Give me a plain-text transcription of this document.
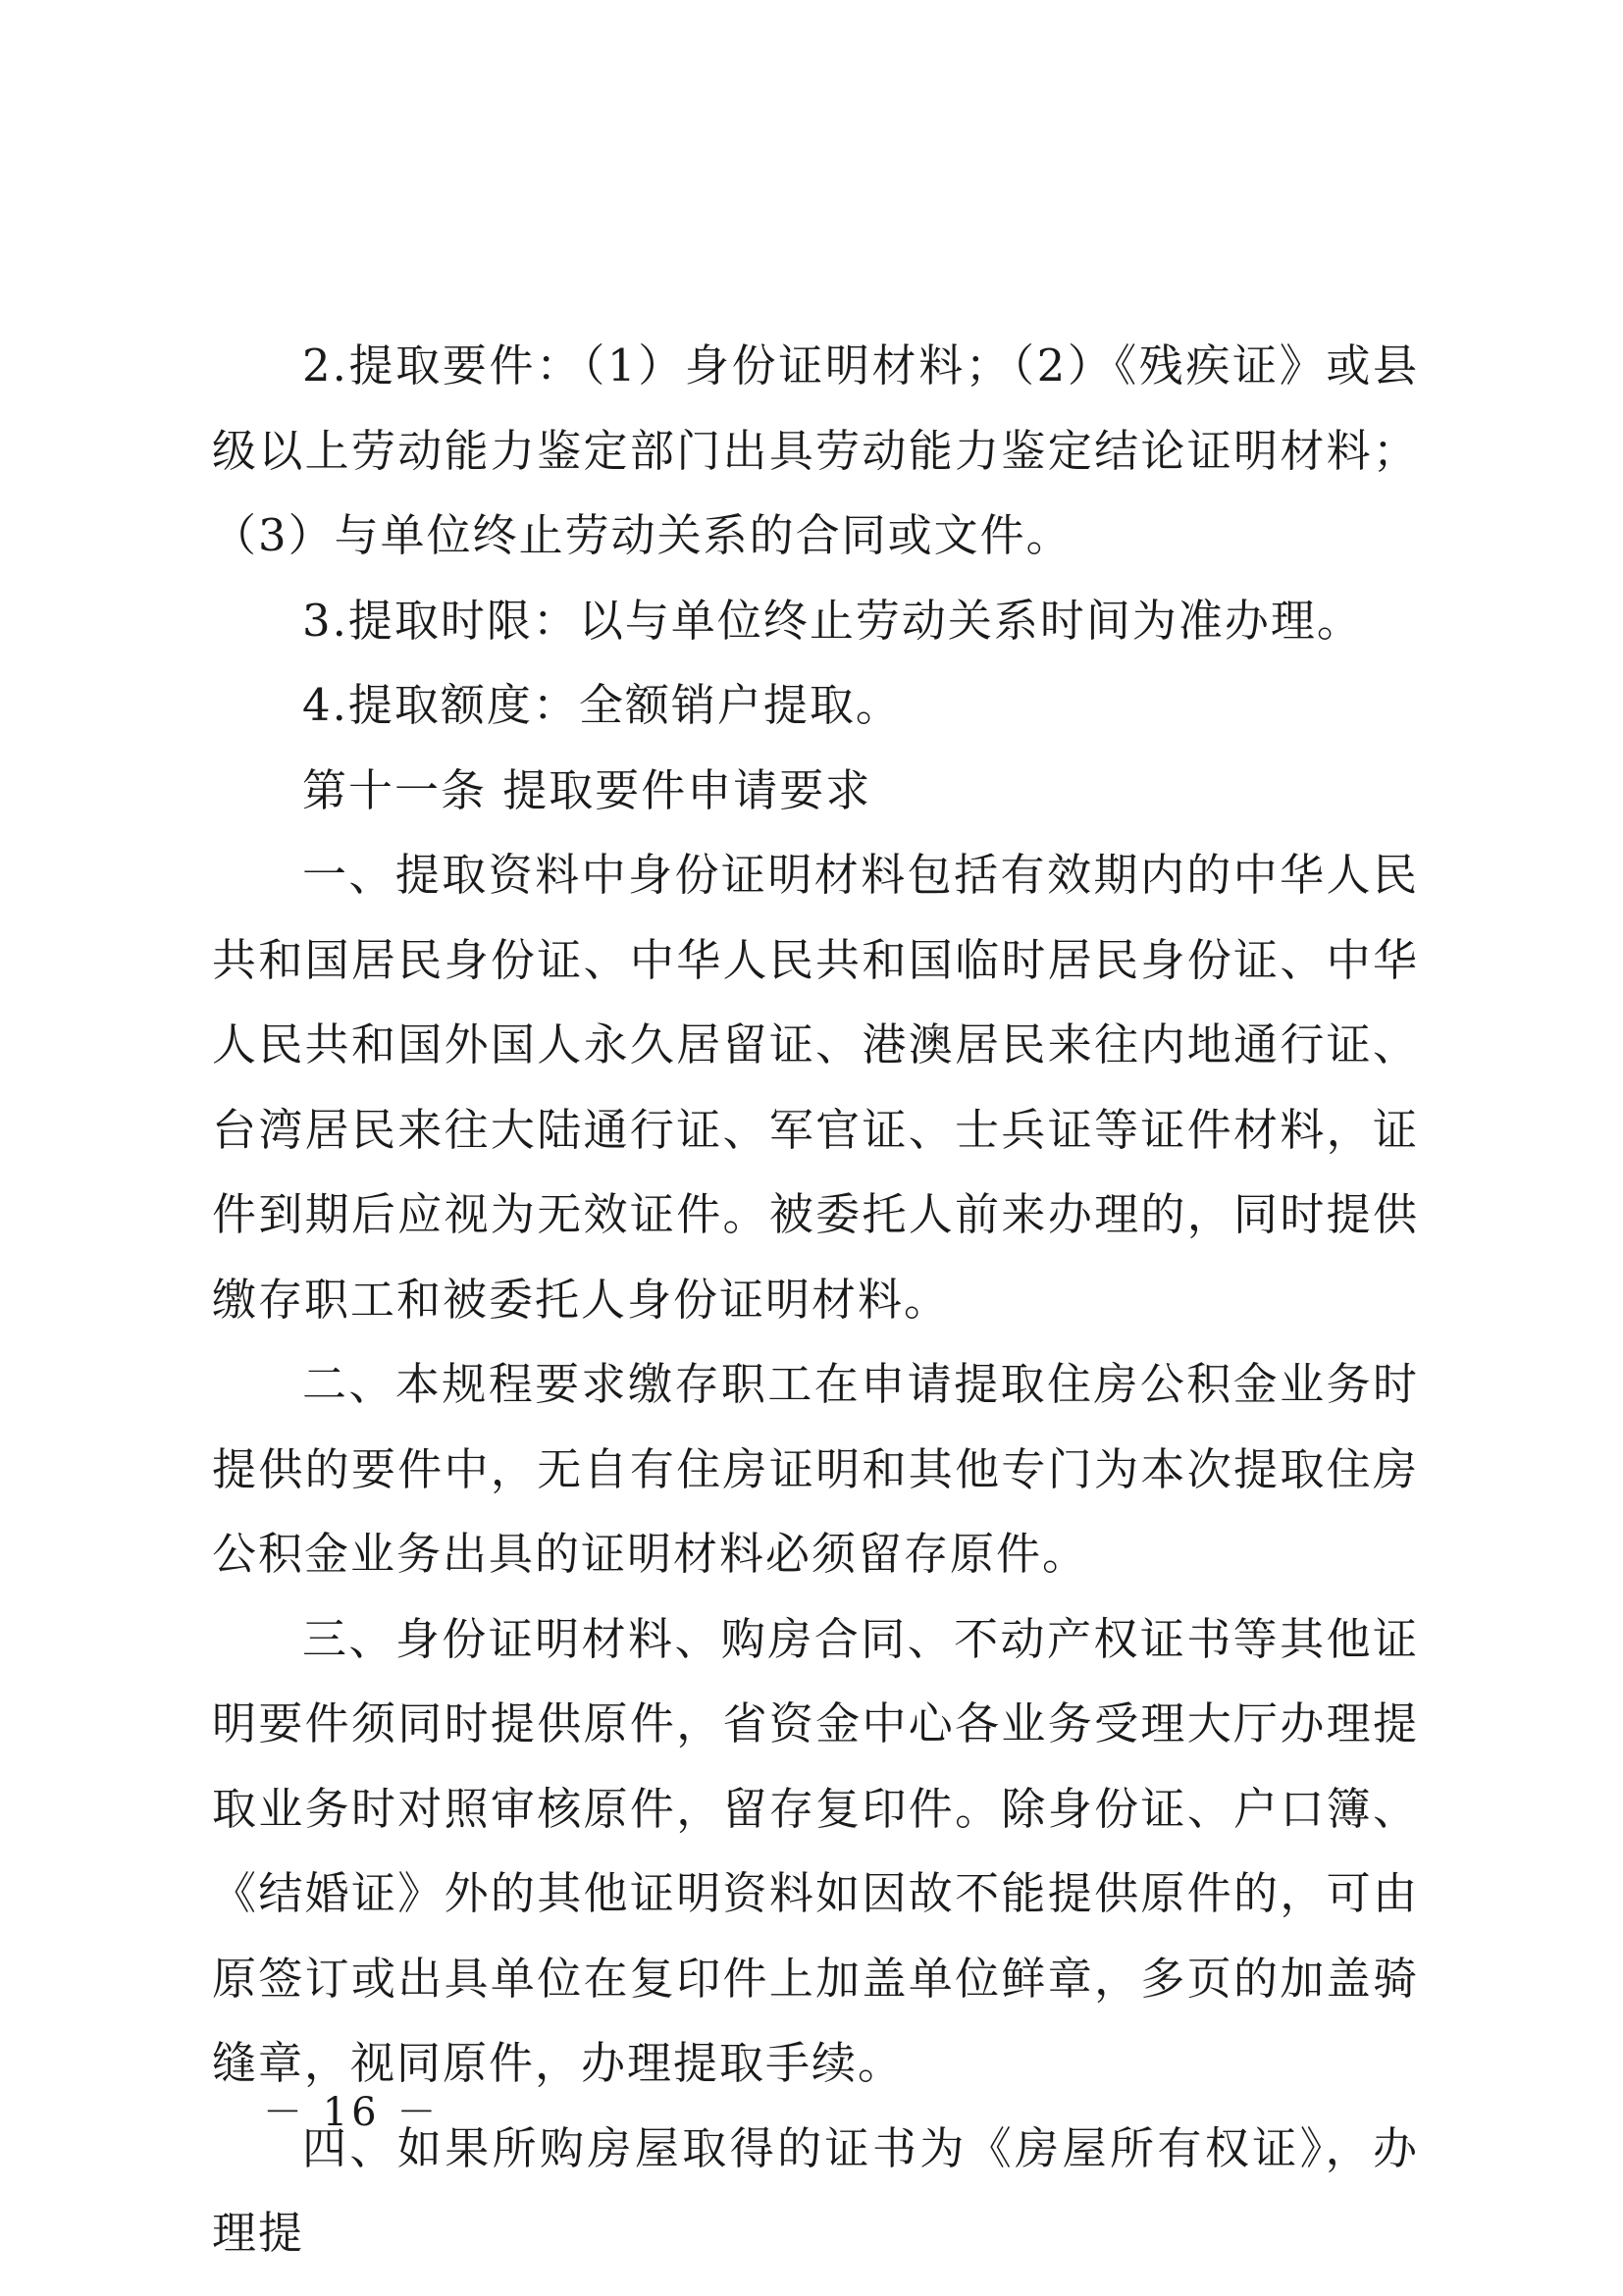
2.提取要件：（1）身份证明材料；（2）《残疾证》或县级以上劳动能力鉴定部门出具劳动能力鉴定结论证明材料；（3）与单位终止劳动关系的合同或文件。

3.提取时限：以与单位终止劳动关系时间为准办理。

4.提取额度：全额销户提取。

第十一条 提取要件申请要求

一、提取资料中身份证明材料包括有效期内的中华人民共和国居民身份证、中华人民共和国临时居民身份证、中华人民共和国外国人永久居留证、港澳居民来往内地通行证、台湾居民来往大陆通行证、军官证、士兵证等证件材料，证件到期后应视为无效证件。被委托人前来办理的，同时提供缴存职工和被委托人身份证明材料。

二、本规程要求缴存职工在申请提取住房公积金业务时提供的要件中，无自有住房证明和其他专门为本次提取住房公积金业务出具的证明材料必须留存原件。

三、身份证明材料、购房合同、不动产权证书等其他证明要件须同时提供原件，省资金中心各业务受理大厅办理提取业务时对照审核原件，留存复印件。除身份证、户口簿、《结婚证》外的其他证明资料如因故不能提供原件的，可由原签订或出具单位在复印件上加盖单位鲜章，多页的加盖骑缝章，视同原件，办理提取手续。

四、如果所购房屋取得的证书为《房屋所有权证》，办理提

－ 16 －
